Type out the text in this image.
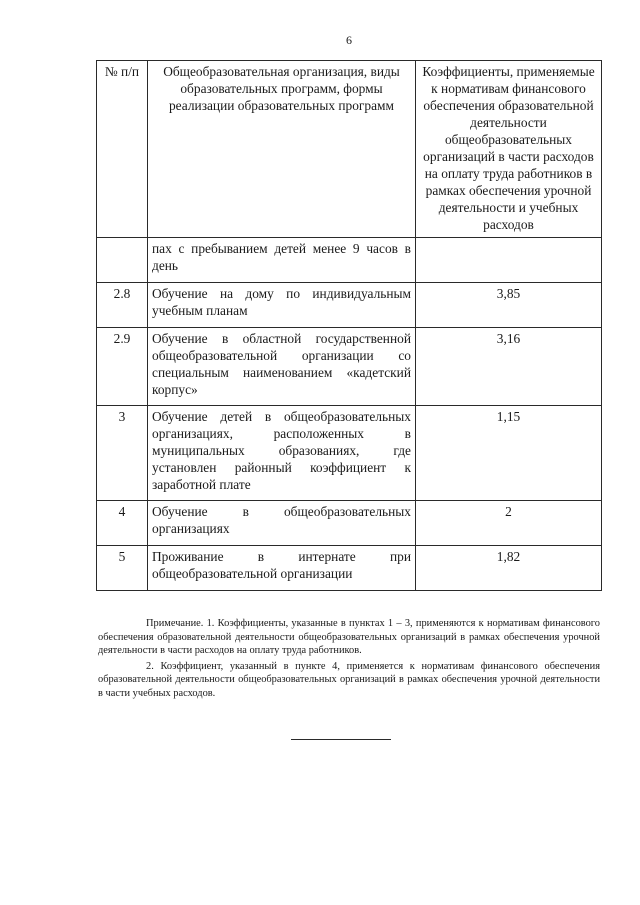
6
№ п/п	Общеобразовательная организация, виды образовательных программ, формы реализации образовательных программ	Коэффициенты, применяемые к нормативам финансового обеспечения образовательной деятельности общеобразовательных организаций в части расходов на оплату труда работников в рамках обеспечения урочной деятельности и учебных расходов
	пах с пребыванием детей менее 9 часов в день	
2.8	Обучение на дому по индивидуальным учебным планам	3,85
2.9	Обучение в областной государственной общеобразовательной организации со специальным наименованием «кадетский корпус»	3,16
3	Обучение детей в общеобразовательных организациях, расположенных в муниципальных образованиях, где установлен районный коэффициент к заработной плате	1,15
4	Обучение в общеобразовательных организациях	2
5	Проживание в интернате при общеобразовательной организации	1,82

Примечание. 1. Коэффициенты, указанные в пунктах 1 – 3, применяются к нормативам финансового обеспечения образовательной деятельности общеобразовательных организаций в рамках обеспечения урочной деятельности в части расходов на оплату труда работников.

2. Коэффициент, указанный в пункте 4, применяется к нормативам финансового обеспечения образовательной деятельности общеобразовательных организаций в рамках обеспечения урочной деятельности в части учебных расходов.
